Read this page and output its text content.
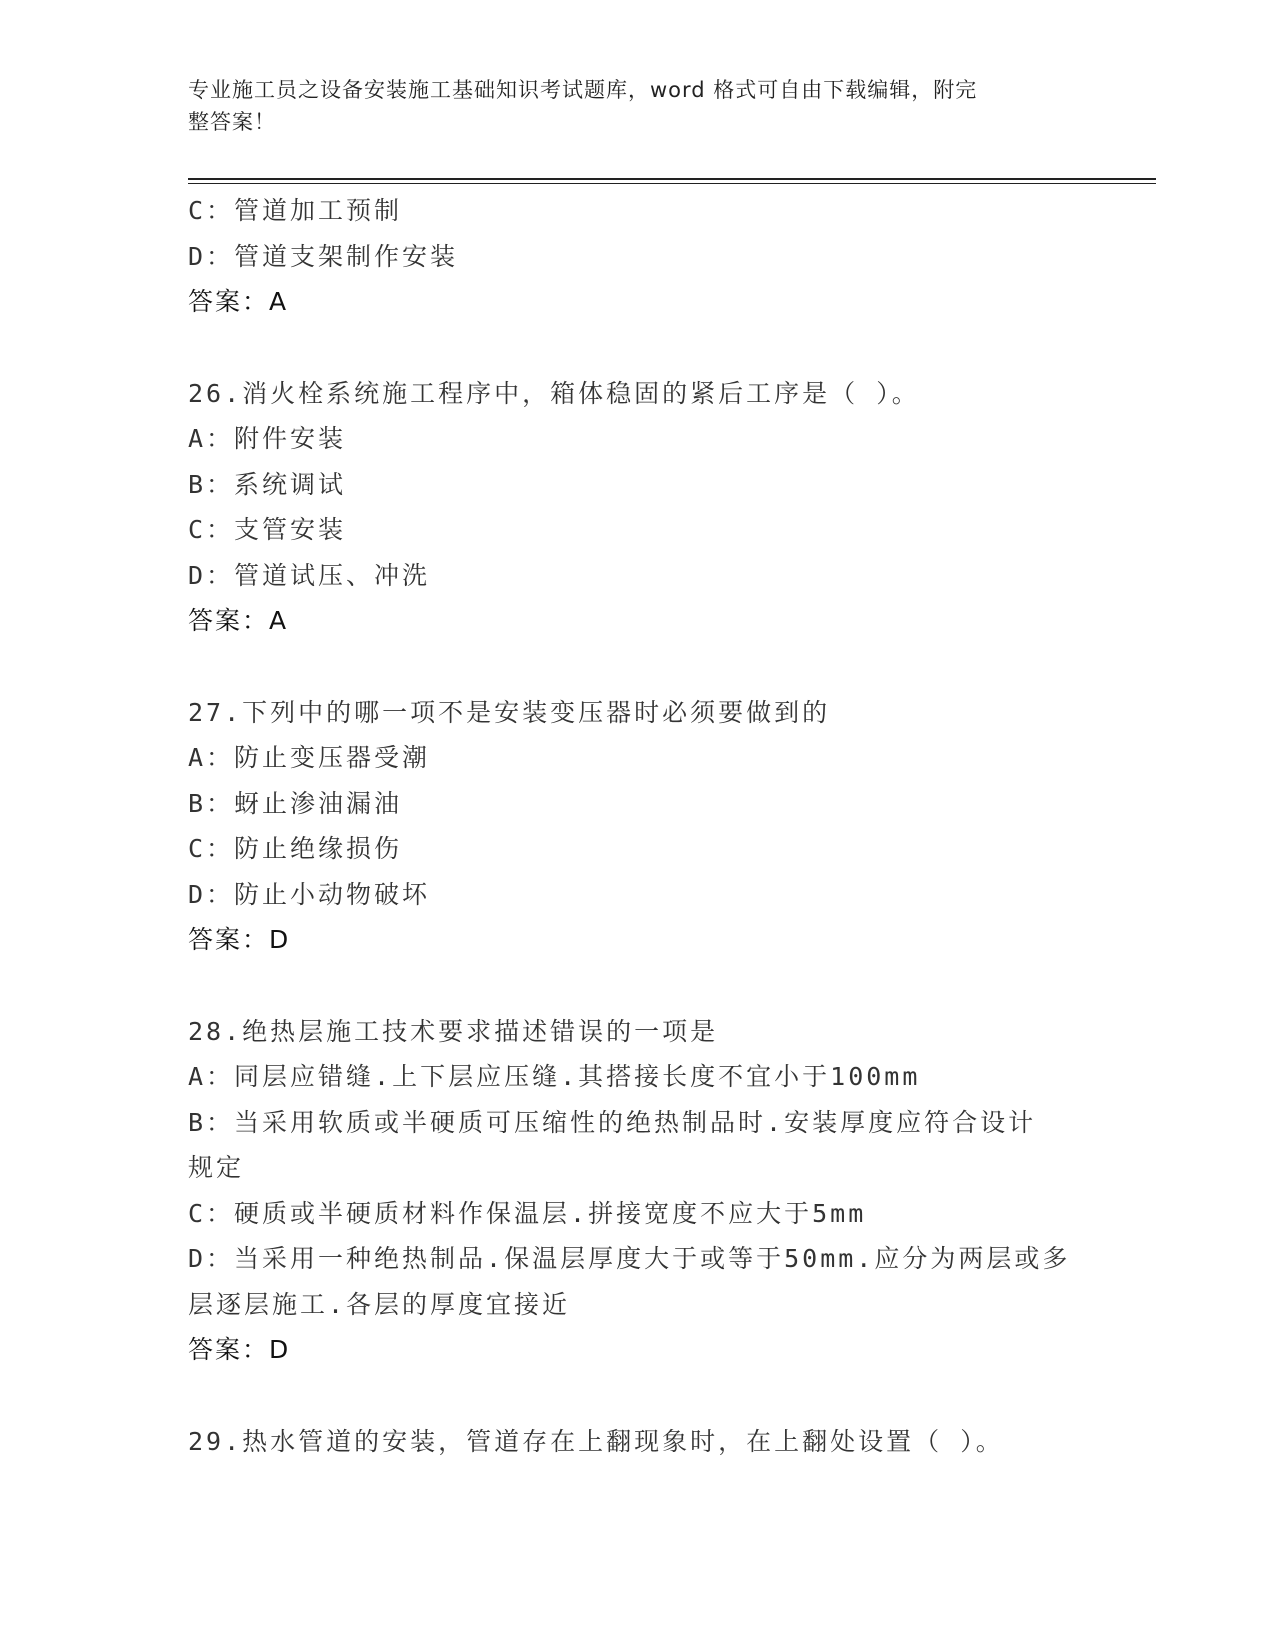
专业施工员之设备安装施工基础知识考试题库，word 格式可自由下载编辑，附完
整答案！
C：管道加工预制
D：管道支架制作安装
答案：A
26.消火栓系统施工程序中，箱体稳固的紧后工序是（ ）。
A：附件安装
B：系统调试
C：支管安装
D：管道试压、冲洗
答案：A
27.下列中的哪一项不是安装变压器时必须要做到的
A：防止变压器受潮
B：蚜止渗油漏油
C：防止绝缘损伤
D：防止小动物破坏
答案：D
28.绝热层施工技术要求描述错误的一项是
A：同层应错缝.上下层应压缝.其搭接长度不宜小于100mm
B：当采用软质或半硬质可压缩性的绝热制品时.安装厚度应符合设计
规定
C：硬质或半硬质材料作保温层.拼接宽度不应大于5mm
D：当采用一种绝热制品.保温层厚度大于或等于50mm.应分为两层或多
层逐层施工.各层的厚度宜接近
答案：D
29.热水管道的安装，管道存在上翻现象时，在上翻处设置（ ）。
